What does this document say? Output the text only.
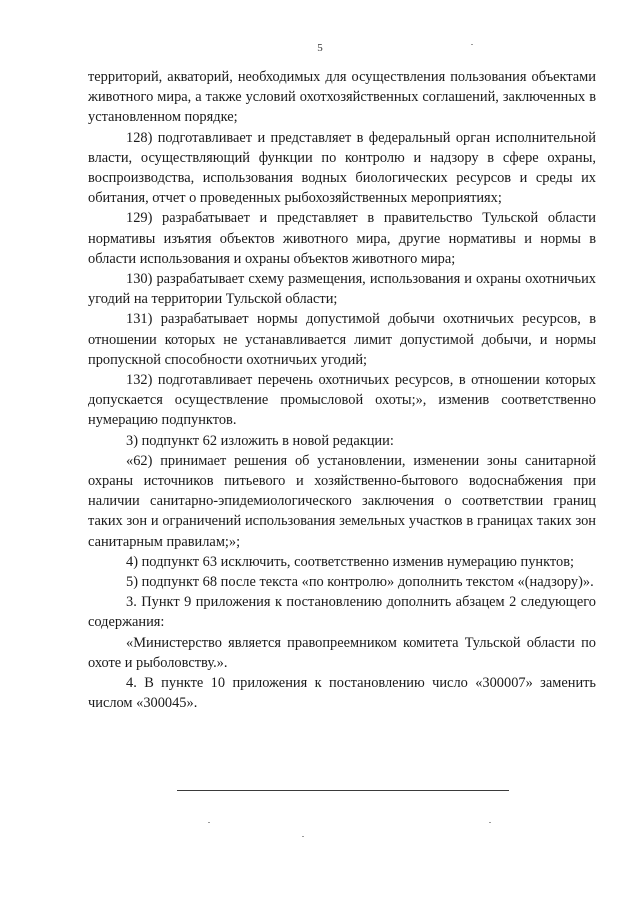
5

территорий, акваторий, необходимых для осуществления пользования объектами животного мира, а также условий охотхозяйственных соглашений, заключенных в установленном порядке;

128) подготавливает и представляет в федеральный орган исполнительной власти, осуществляющий функции по контролю и надзору в сфере охраны, воспроизводства, использования водных биологических ресурсов и среды их обитания, отчет о проведенных рыбохозяйственных мероприятиях;

129) разрабатывает и представляет в правительство Тульской области нормативы изъятия объектов животного мира, другие нормативы и нормы в области использования и охраны объектов животного мира;

130) разрабатывает схему размещения, использования и охраны охотничьих угодий на территории Тульской области;

131) разрабатывает нормы допустимой добычи охотничьих ресурсов, в отношении которых не устанавливается лимит допустимой добычи, и нормы пропускной способности охотничьих угодий;

132) подготавливает перечень охотничьих ресурсов, в отношении которых допускается осуществление промысловой охоты;», изменив соответственно нумерацию подпунктов.

3) подпункт 62 изложить в новой редакции:

«62) принимает решения об установлении, изменении зоны санитарной охраны источников питьевого и хозяйственно-бытового водоснабжения при наличии санитарно-эпидемиологического заключения о соответствии границ таких зон и ограничений использования земельных участков в границах таких зон санитарным правилам;»;

4) подпункт 63 исключить, соответственно изменив нумерацию пунктов;

5) подпункт 68 после текста «по контролю» дополнить текстом «(надзору)».

3. Пункт 9 приложения к постановлению дополнить абзацем 2 следующего содержания:

«Министерство является правопреемником комитета Тульской области по охоте и рыболовству.».

4. В пункте 10 приложения к постановлению число «300007» заменить числом «300045».
